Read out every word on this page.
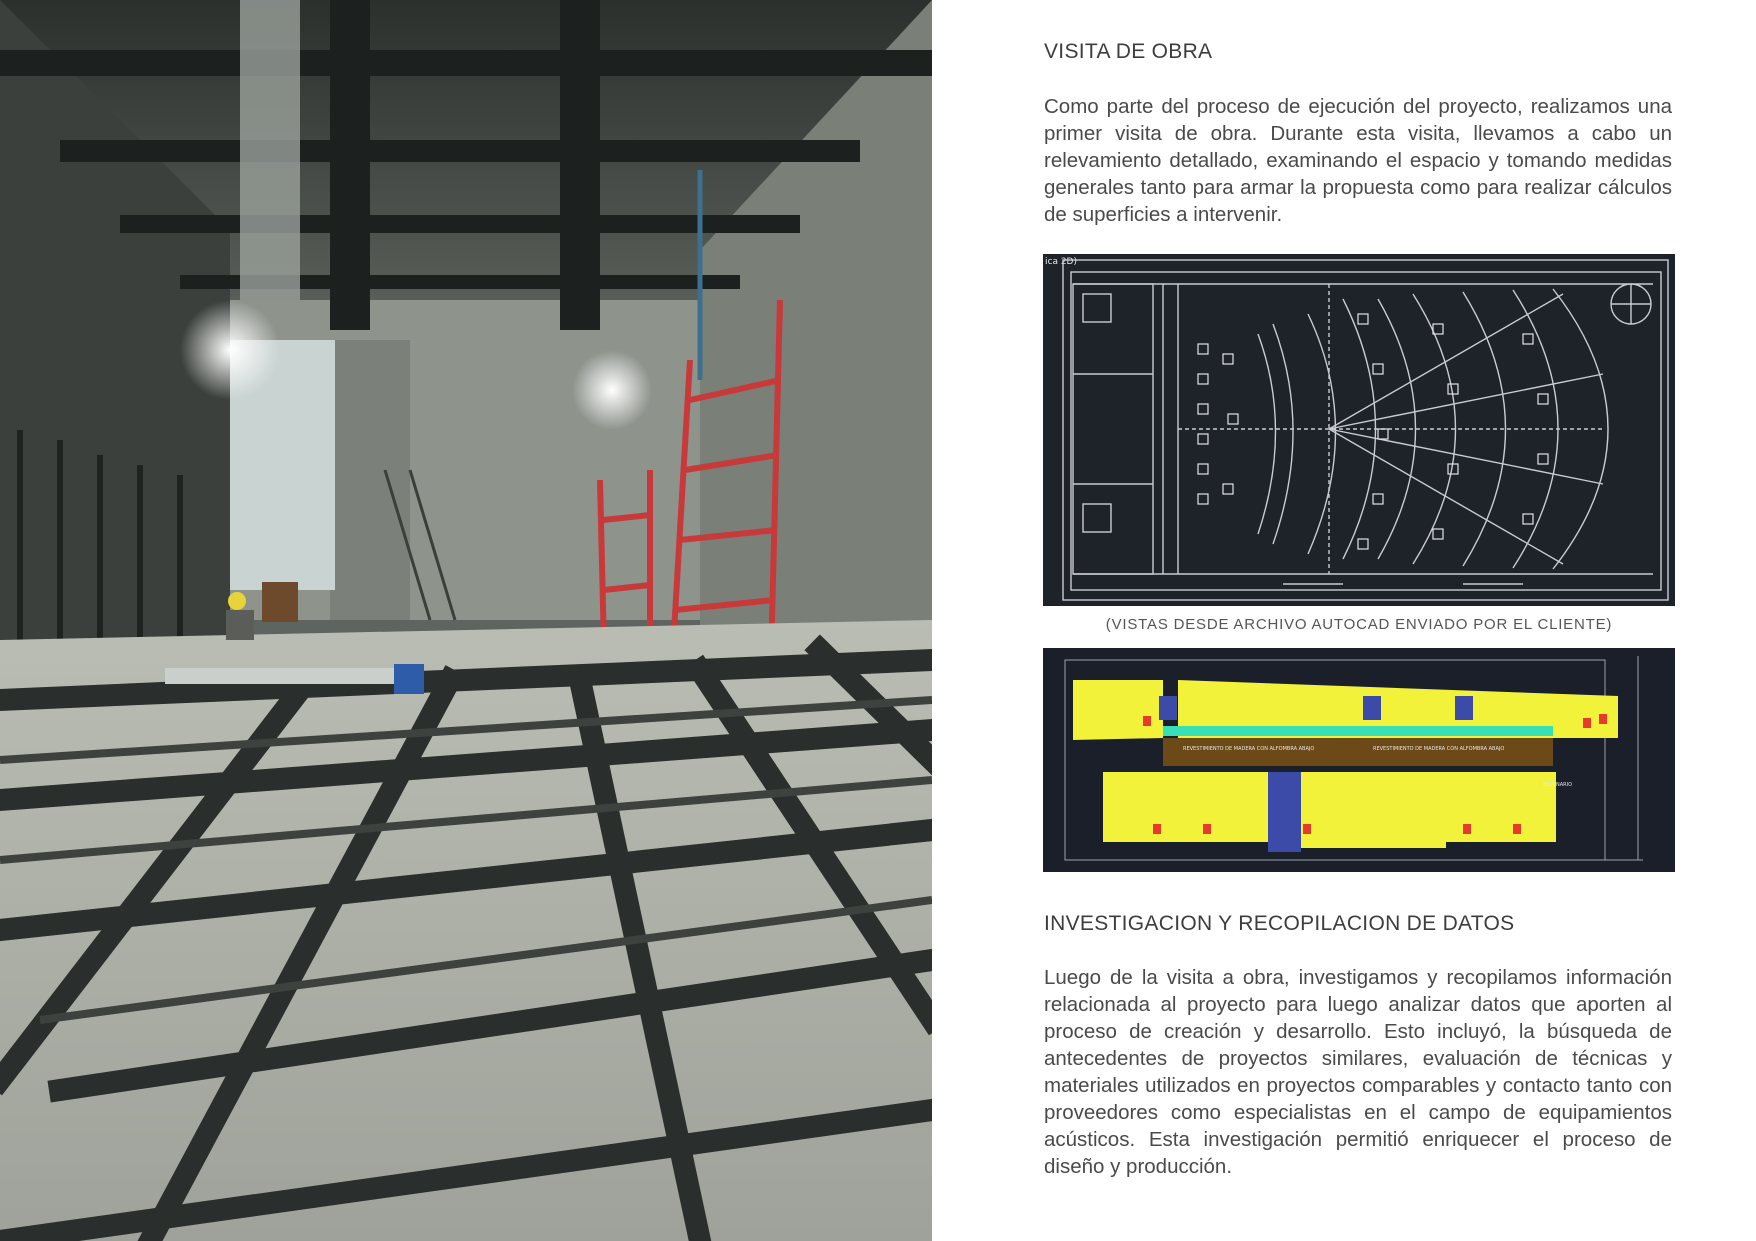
VISITA DE OBRA

Como parte del proceso de ejecución del proyecto, realizamos una primer visita de obra. Durante esta visita, llevamos a cabo un relevamiento detallado, examinando el espacio y tomando medidas generales tanto para armar la propuesta como para realizar cálculos de superficies a intervenir.

ica 2D)
(VISTAS DESDE ARCHIVO AUTOCAD ENVIADO POR EL CLIENTE)
REVESTIMIENTO DE MADERA CON ALFOMBRA ABAJO	REVESTIMIENTO DE MADERA CON ALFOMBRA ABAJO
ESCENARIO
INVESTIGACION Y RECOPILACION DE DATOS

Luego de la visita a obra, investigamos y recopilamos información relacionada al proyecto para luego analizar datos que aporten al proceso de creación y desarrollo. Esto incluyó, la búsqueda de antecedentes de proyectos similares, evaluación de técnicas y materiales utilizados en proyectos comparables y contacto tanto con proveedores como especialistas en el campo de equipamientos acústicos. Esta investigación permitió enriquecer el proceso de diseño y producción.
